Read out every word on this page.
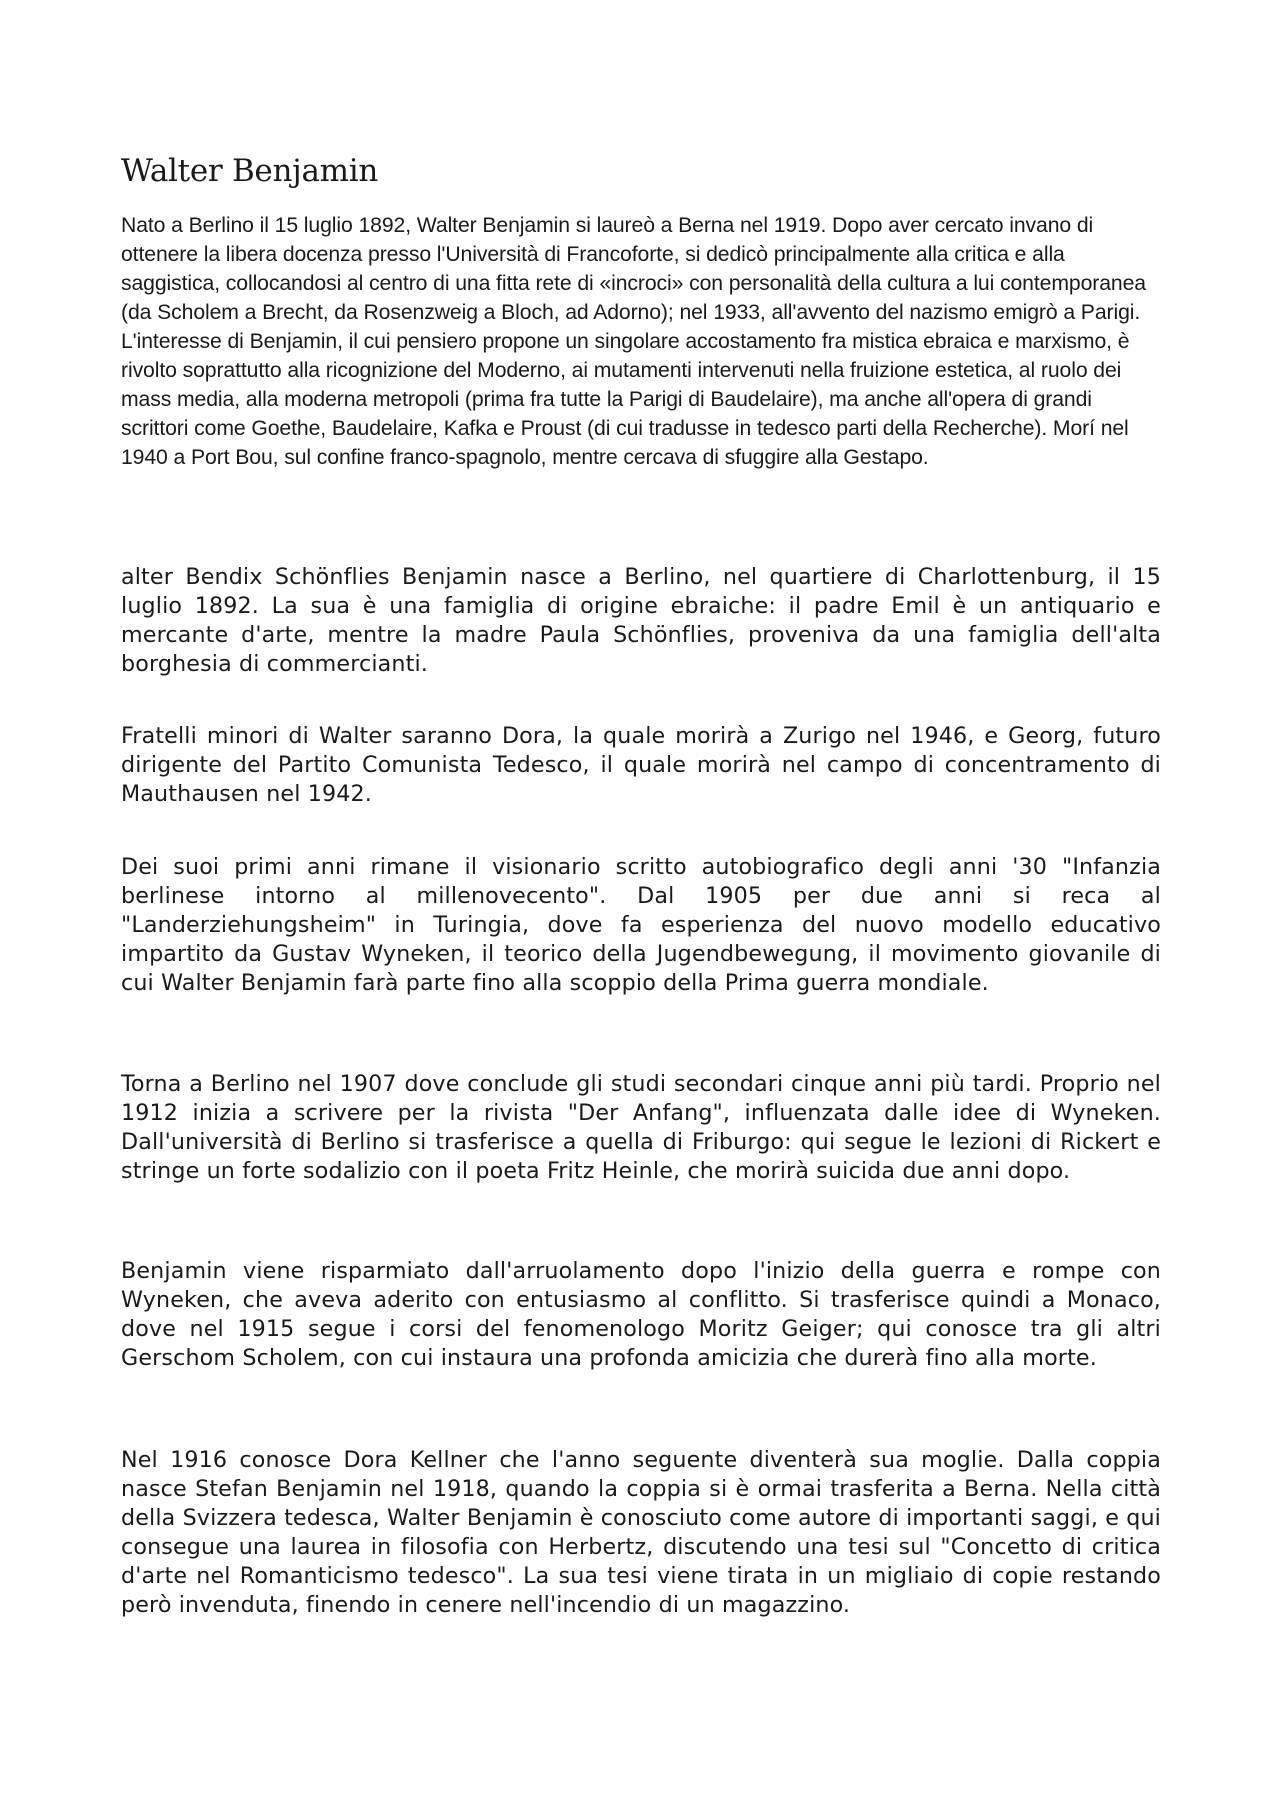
Walter Benjamin

Nato a Berlino il 15 luglio 1892, Walter Benjamin si laureò a Berna nel 1919. Dopo aver cercato invano di ottenere la libera docenza presso l'Università di Francoforte, si dedicò principalmente alla critica e alla saggistica, collocandosi al centro di una fitta rete di «incroci» con personalità della cultura a lui contemporanea (da Scholem a Brecht, da Rosenzweig a Bloch, ad Adorno); nel 1933, all'avvento del nazismo emigrò a Parigi. L'interesse di Benjamin, il cui pensiero propone un singolare accostamento fra mistica ebraica e marxismo, è rivolto soprattutto alla ricognizione del Moderno, ai mutamenti intervenuti nella fruizione estetica, al ruolo dei mass media, alla moderna metropoli (prima fra tutte la Parigi di Baudelaire), ma anche all'opera di grandi scrittori come Goethe, Baudelaire, Kafka e Proust (di cui tradusse in tedesco parti della Recherche). Morí nel 1940 a Port Bou, sul confine franco-spagnolo, mentre cercava di sfuggire alla Gestapo.

alter Bendix Schönflies Benjamin nasce a Berlino, nel quartiere di Charlottenburg, il 15 luglio 1892. La sua è una famiglia di origine ebraiche: il padre Emil è un antiquario e mercante d'arte, mentre la madre Paula Schönflies, proveniva da una famiglia dell'alta borghesia di commercianti.

Fratelli minori di Walter saranno Dora, la quale morirà a Zurigo nel 1946, e Georg, futuro dirigente del Partito Comunista Tedesco, il quale morirà nel campo di concentramento di Mauthausen nel 1942.

Dei suoi primi anni rimane il visionario scritto autobiografico degli anni '30 "Infanzia berlinese intorno al millenovecento". Dal 1905 per due anni si reca al "Landerziehungsheim" in Turingia, dove fa esperienza del nuovo modello educativo impartito da Gustav Wyneken, il teorico della Jugendbewegung, il movimento giovanile di cui Walter Benjamin farà parte fino alla scoppio della Prima guerra mondiale.

Torna a Berlino nel 1907 dove conclude gli studi secondari cinque anni più tardi. Proprio nel 1912 inizia a scrivere per la rivista "Der Anfang", influenzata dalle idee di Wyneken. Dall'università di Berlino si trasferisce a quella di Friburgo: qui segue le lezioni di Rickert e stringe un forte sodalizio con il poeta Fritz Heinle, che morirà suicida due anni dopo.

Benjamin viene risparmiato dall'arruolamento dopo l'inizio della guerra e rompe con Wyneken, che aveva aderito con entusiasmo al conflitto. Si trasferisce quindi a Monaco, dove nel 1915 segue i corsi del fenomenologo Moritz Geiger; qui conosce tra gli altri Gerschom Scholem, con cui instaura una profonda amicizia che durerà fino alla morte.

Nel 1916 conosce Dora Kellner che l'anno seguente diventerà sua moglie. Dalla coppia nasce Stefan Benjamin nel 1918, quando la coppia si è ormai trasferita a Berna. Nella città della Svizzera tedesca, Walter Benjamin è conosciuto come autore di importanti saggi, e qui consegue una laurea in filosofia con Herbertz, discutendo una tesi sul "Concetto di critica d'arte nel Romanticismo tedesco". La sua tesi viene tirata in un migliaio di copie restando però invenduta, finendo in cenere nell'incendio di un magazzino.
